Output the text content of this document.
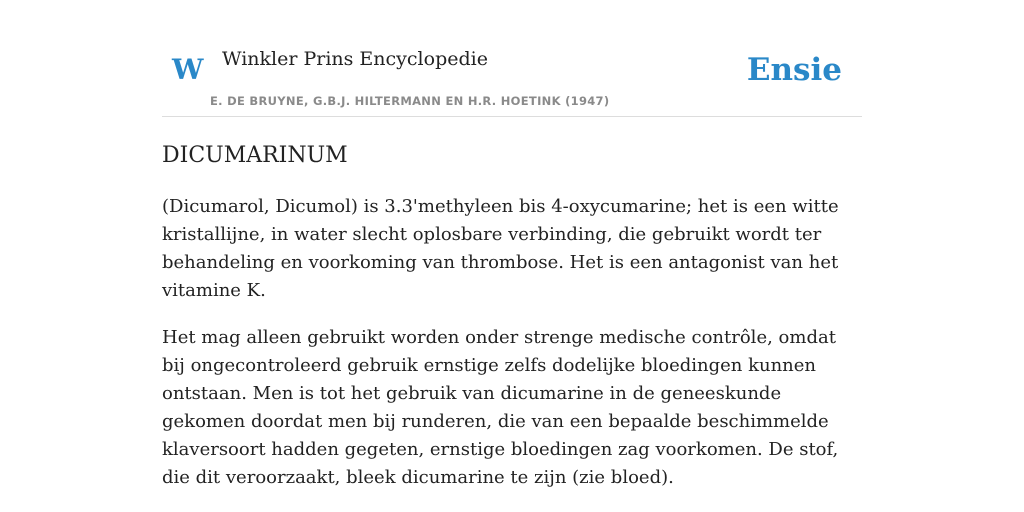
W Winkler Prins Encyclopedie
E. DE BRUYNE, G.B.J. HILTERMANN EN H.R. HOETINK (1947)
Ensie
DICUMARINUM

(Dicumarol, Dicumol) is 3.3'methyleen bis 4-oxycumarine; het is een witte kristallijne, in water slecht oplosbare verbinding, die gebruikt wordt ter behandeling en voorkoming van thrombose. Het is een antagonist van het vitamine K.

Het mag alleen gebruikt worden onder strenge medische contrôle, omdat bij ongecontroleerd gebruik ernstige zelfs dodelijke bloedingen kunnen ontstaan. Men is tot het gebruik van dicumarine in de geneeskunde gekomen doordat men bij runderen, die van een bepaalde beschimmelde klaversoort hadden gegeten, ernstige bloedingen zag voorkomen. De stof, die dit veroorzaakt, bleek dicumarine te zijn (zie bloed).
